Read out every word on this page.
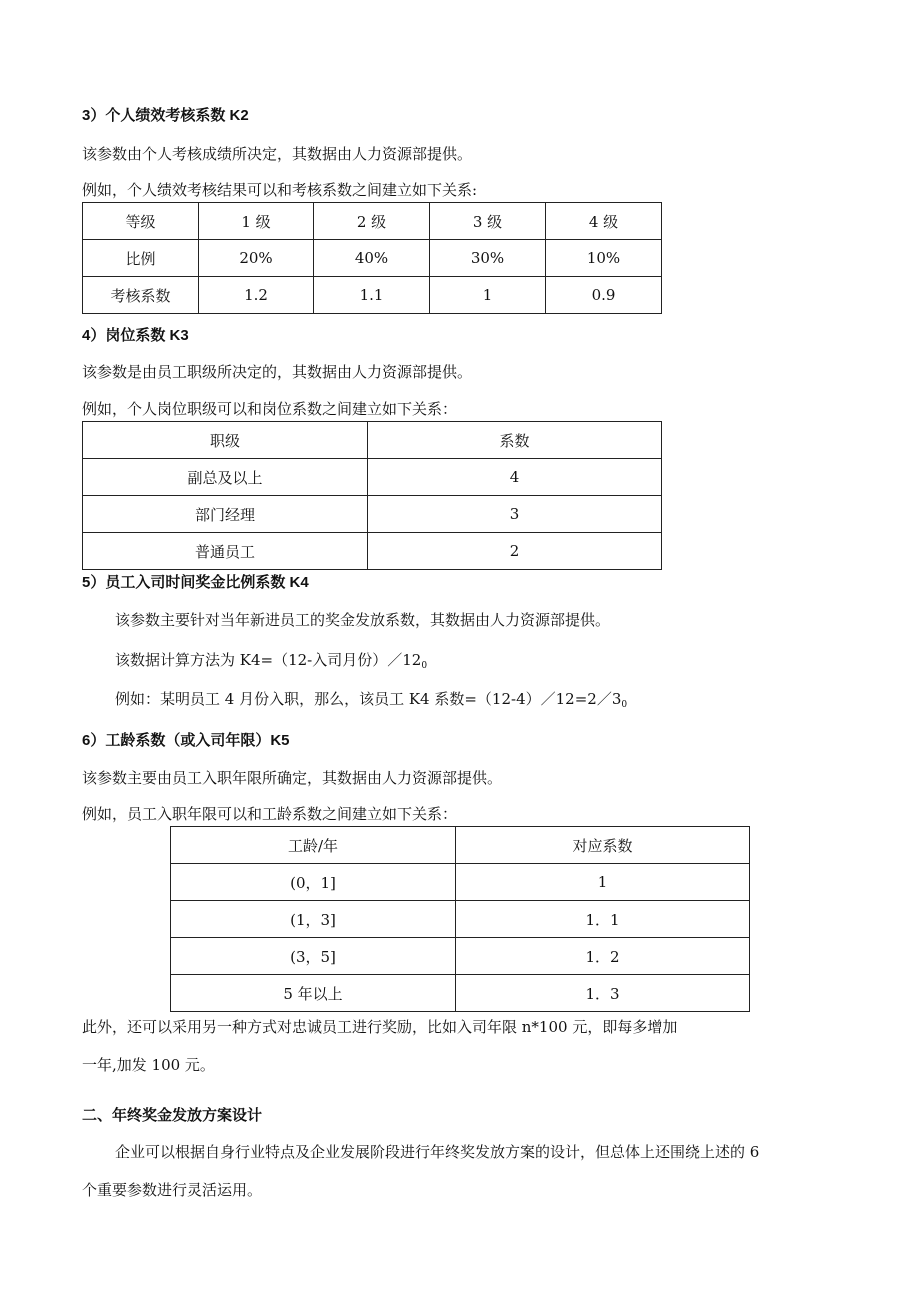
3）个人绩效考核系数 K2
该参数由个人考核成绩所决定，其数据由人力资源部提供。
例如，个人绩效考核结果可以和考核系数之间建立如下关系:
等级	1 级	2 级	3 级	4 级
比例	20%	40%	30%	10%
考核系数	1.2	1.1	1	0.9
4）岗位系数 K3
该参数是由员工职级所决定的，其数据由人力资源部提供。
例如，个人岗位职级可以和岗位系数之间建立如下关系：
职级	系数
副总及以上	4
部门经理	3
普通员工	2
5）员工入司时间奖金比例系数 K4
该参数主要针对当年新进员工的奖金发放系数，其数据由人力资源部提供。
该数据计算方法为 K4=（12-入司月份）$/12_0$
例如：某明员工 4 月份入职，那么，该员工 K4 系数$=(12-4)/12=2/3_0$
6）工龄系数（或入司年限）K5
该参数主要由员工入职年限所确定，其数据由人力资源部提供。
例如，员工入职年限可以和工龄系数之间建立如下关系：
工龄/年	对应系数
(0，1]	1
(1，3]	1．1
(3，5]	1．2
5 年以上	1．3
此外，还可以采用另一种方式对忠诚员工进行奖励，比如入司年限 n*100 元，即每多增加
一年,加发 100 元。
二、年终奖金发放方案设计
企业可以根据自身行业特点及企业发展阶段进行年终奖发放方案的设计，但总体上还围绕上述的 6
个重要参数进行灵活运用。
